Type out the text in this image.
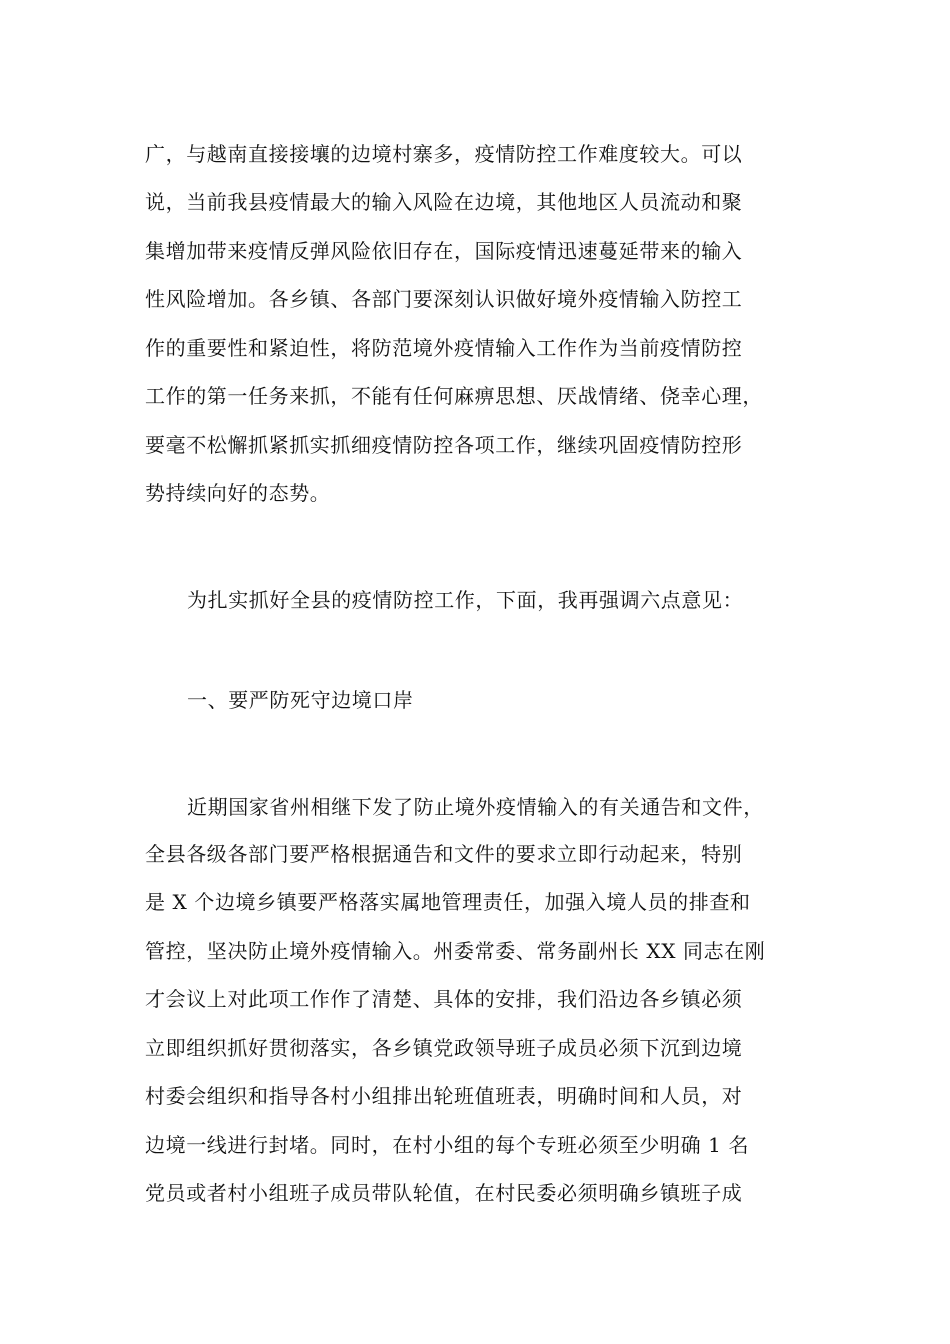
广，与越南直接接壤的边境村寨多，疫情防控工作难度较大。可以
说，当前我县疫情最大的输入风险在边境，其他地区人员流动和聚
集增加带来疫情反弹风险依旧存在，国际疫情迅速蔓延带来的输入
性风险增加。各乡镇、各部门要深刻认识做好境外疫情输入防控工
作的重要性和紧迫性，将防范境外疫情输入工作作为当前疫情防控
工作的第一任务来抓，不能有任何麻痹思想、厌战情绪、侥幸心理，
要毫不松懈抓紧抓实抓细疫情防控各项工作，继续巩固疫情防控形
势持续向好的态势。
为扎实抓好全县的疫情防控工作，下面，我再强调六点意见：
一、要严防死守边境口岸
近期国家省州相继下发了防止境外疫情输入的有关通告和文件，
全县各级各部门要严格根据通告和文件的要求立即行动起来，特别
是 X 个边境乡镇要严格落实属地管理责任，加强入境人员的排查和
管控，坚决防止境外疫情输入。州委常委、常务副州长 XX 同志在刚
才会议上对此项工作作了清楚、具体的安排，我们沿边各乡镇必须
立即组织抓好贯彻落实，各乡镇党政领导班子成员必须下沉到边境
村委会组织和指导各村小组排出轮班值班表，明确时间和人员，对
边境一线进行封堵。同时，在村小组的每个专班必须至少明确 1 名
党员或者村小组班子成员带队轮值，在村民委必须明确乡镇班子成
